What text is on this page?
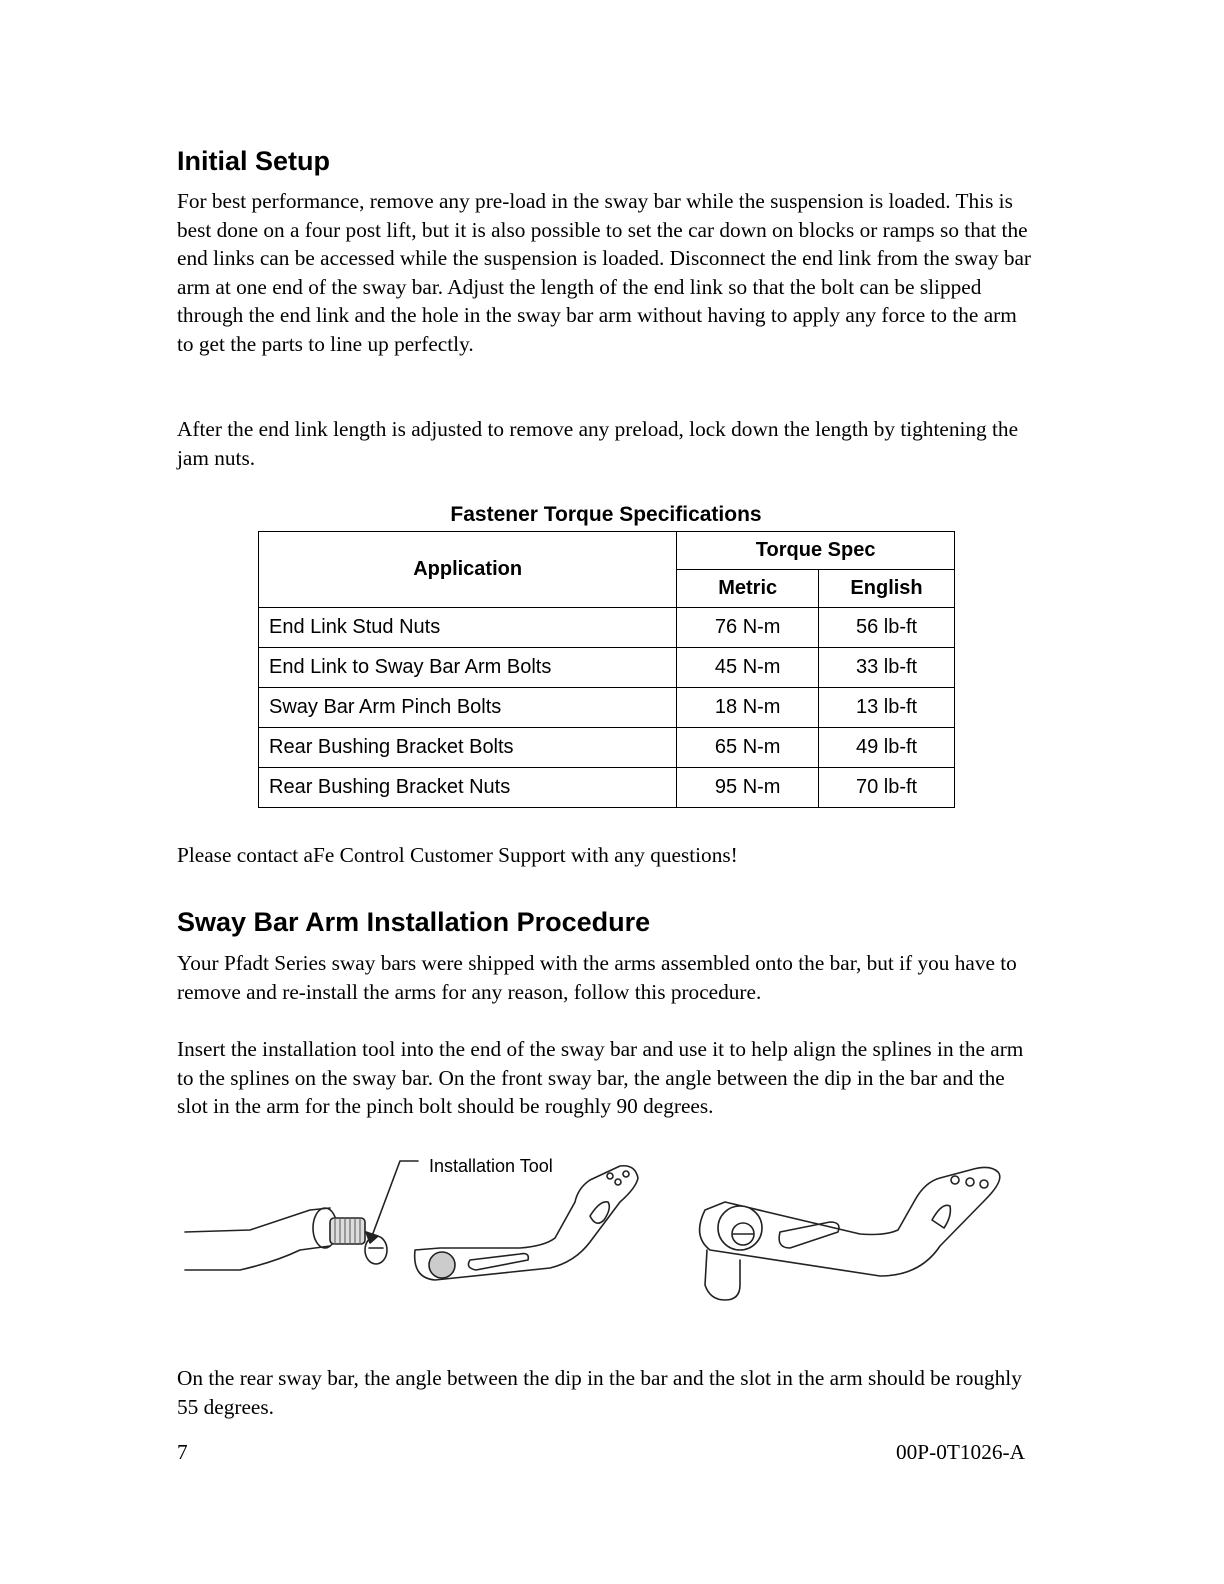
Initial Setup

For best performance, remove any pre-load in the sway bar while the suspension is loaded. This is best done on a four post lift, but it is also possible to set the car down on blocks or ramps so that the end links can be accessed while the suspension is loaded. Disconnect the end link from the sway bar arm at one end of the sway bar. Adjust the length of the end link so that the bolt can be slipped through the end link and the hole in the sway bar arm without having to apply any force to the arm to get the parts to line up perfectly.

After the end link length is adjusted to remove any preload, lock down the length by tightening the jam nuts.

Fastener Torque Specifications
Application	Torque Spec	
	Metric	English
End Link Stud Nuts	76 N-m	56 lb-ft
End Link to Sway Bar Arm Bolts	45 N-m	33 lb-ft
Sway Bar Arm Pinch Bolts	18 N-m	13 lb-ft
Rear Bushing Bracket Bolts	65 N-m	49 lb-ft
Rear Bushing Bracket Nuts	95 N-m	70 lb-ft

Please contact aFe Control Customer Support with any questions!

Sway Bar Arm Installation Procedure

Your Pfadt Series sway bars were shipped with the arms assembled onto the bar, but if you have to remove and re-install the arms for any reason, follow this procedure.

Insert the installation tool into the end of the sway bar and use it to help align the splines in the arm to the splines on the sway bar. On the front sway bar, the angle between the dip in the bar and the slot in the arm for the pinch bolt should be roughly 90 degrees.

Installation Tool

On the rear sway bar, the angle between the dip in the bar and the slot in the arm should be roughly 55 degrees.

7	00P-0T1026-A
